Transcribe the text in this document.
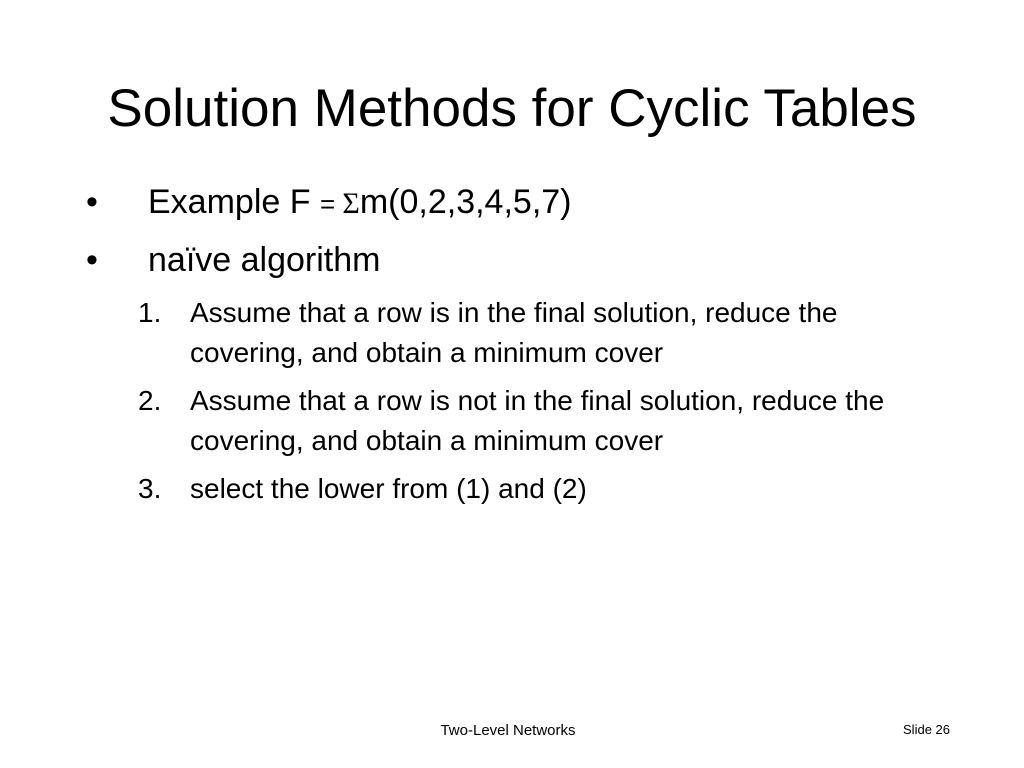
Solution Methods for Cyclic Tables
•	Example F = Σm(0,2,3,4,5,7)
•	naïve algorithm
1.	Assume that a row is in the final solution, reduce the covering, and obtain a minimum cover
2.	Assume that a row is not in the final solution, reduce the covering, and obtain a minimum cover
3.	select the lower from (1) and (2)
Two-Level Networks	Slide 26
